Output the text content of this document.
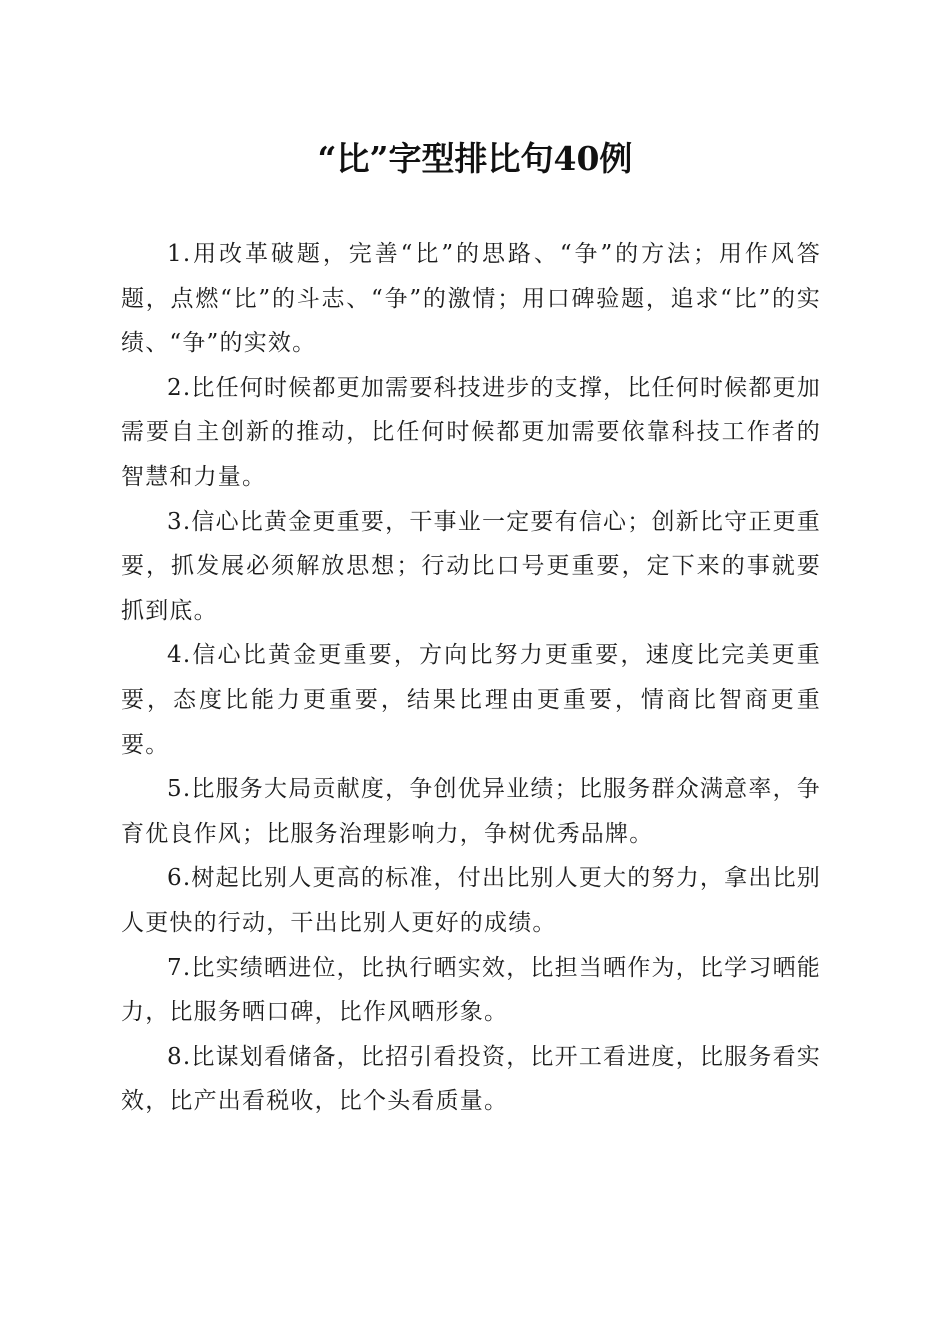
“比”字型排比句40例

1.用改革破题，完善“比”的思路、“争”的方法；用作风答题，点燃“比”的斗志、“争”的激情；用口碑验题，追求“比”的实绩、“争”的实效。

2.比任何时候都更加需要科技进步的支撑，比任何时候都更加需要自主创新的推动，比任何时候都更加需要依靠科技工作者的智慧和力量。

3.信心比黄金更重要，干事业一定要有信心；创新比守正更重要，抓发展必须解放思想；行动比口号更重要，定下来的事就要抓到底。

4.信心比黄金更重要，方向比努力更重要，速度比完美更重要，态度比能力更重要，结果比理由更重要，情商比智商更重要。

5.比服务大局贡献度，争创优异业绩；比服务群众满意率，争育优良作风；比服务治理影响力，争树优秀品牌。

6.树起比别人更高的标准，付出比别人更大的努力，拿出比别人更快的行动，干出比别人更好的成绩。

7.比实绩晒进位，比执行晒实效，比担当晒作为，比学习晒能力，比服务晒口碑，比作风晒形象。

8.比谋划看储备，比招引看投资，比开工看进度，比服务看实效，比产出看税收，比个头看质量。
